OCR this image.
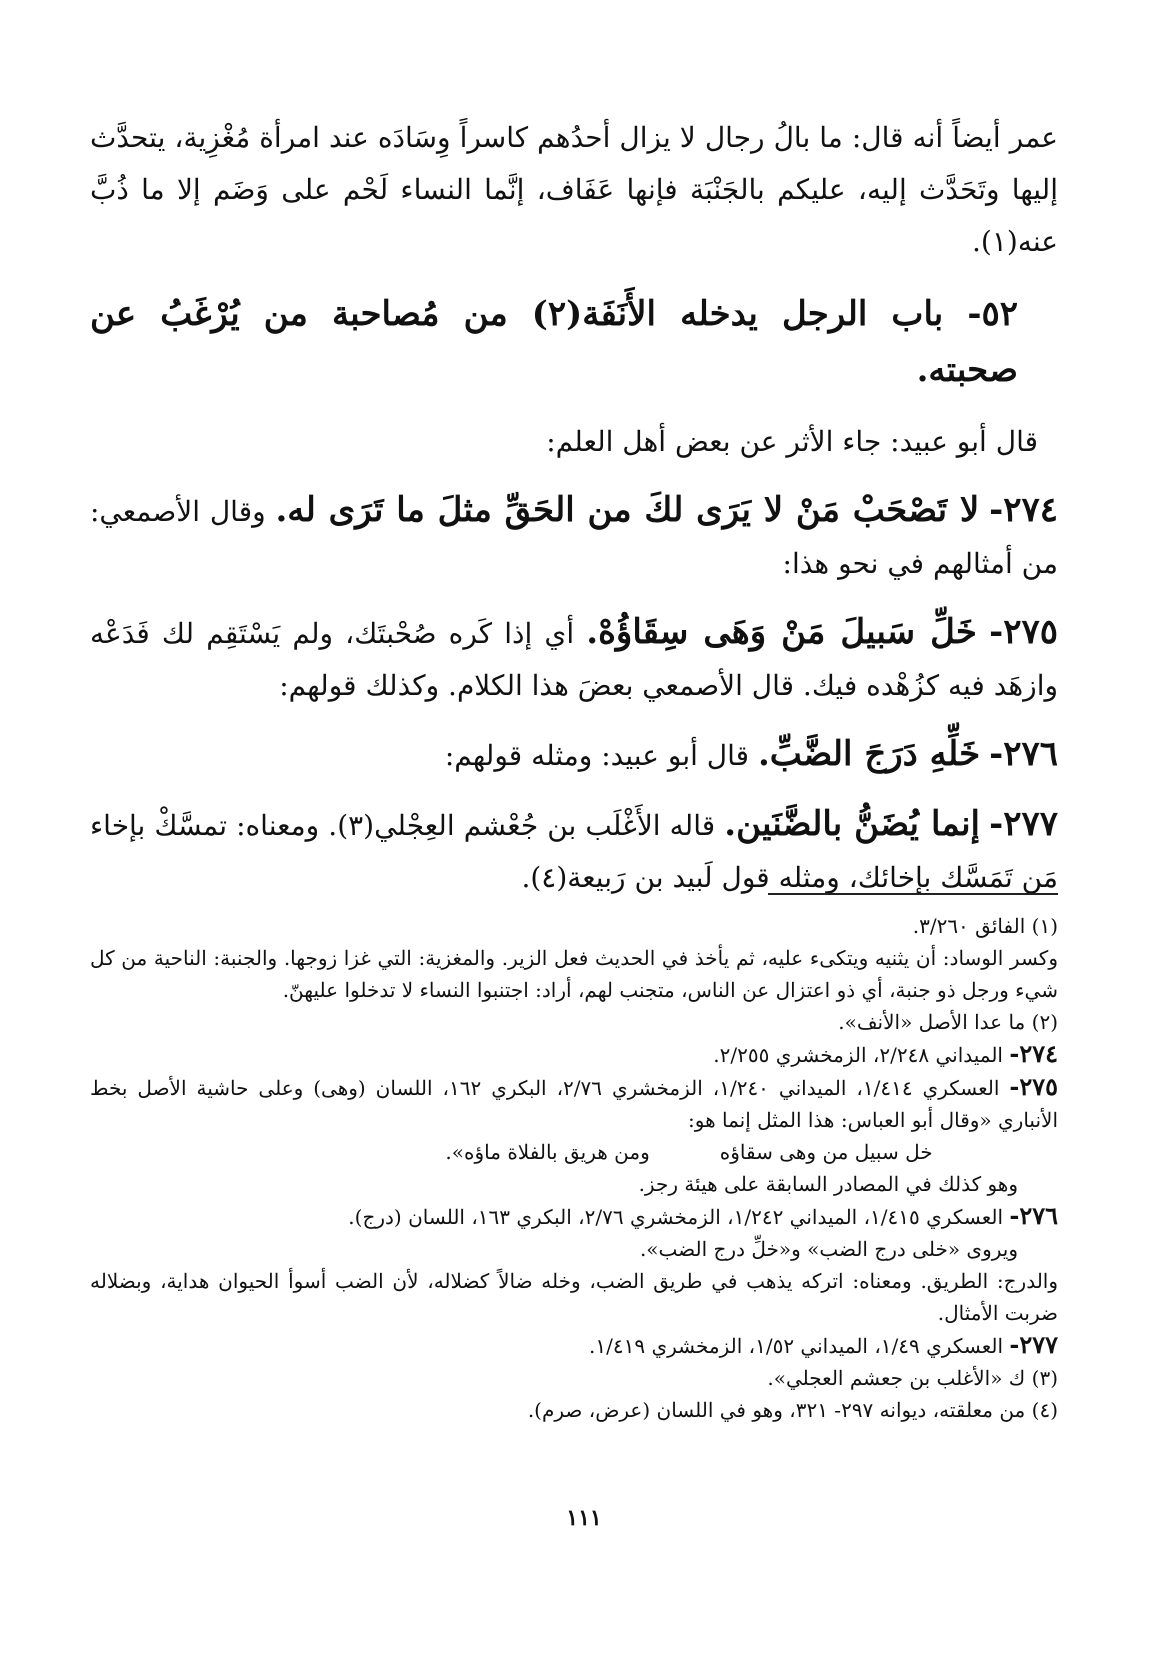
عمر أيضاً أنه قال: ما بالُ رجال لا يزال أحدُهم كاسراً وِسَادَه عند امرأة مُغْزِية، يتحدَّث إليها وتَحَدَّث إليه، عليكم بالجَنْبَة فإنها عَفَاف، إنَّما النساء لَحْم على وَضَم إلا ما ذُبَّ عنه(١).

٥٢- باب الرجل يدخله الأَنَفَة(٢) من مُصاحبة من يُرْغَبُ عن صحبته.

قال أبو عبيد: جاء الأثر عن بعض أهل العلم:

٢٧٤- لا تَصْحَبْ مَنْ لا يَرَى لكَ من الحَقِّ مثلَ ما تَرَى له. وقال الأصمعي: من أمثالهم في نحو هذا:

٢٧٥- خَلِّ سَبيلَ مَنْ وَهَى سِقَاؤُهْ. أي إذا كَره صُحْبتَك، ولم يَسْتَقِم لك فَدَعْه وازهَد فيه كزُهْده فيك. قال الأصمعي بعضَ هذا الكلام. وكذلك قولهم:

٢٧٦- خَلِّهِ دَرَجَ الضَّبِّ. قال أبو عبيد: ومثله قولهم:

٢٧٧- إنما يُضَنُّ بالضَّنَين. قاله الأَغْلَب بن جُعْشم العِجْلي(٣). ومعناه: تمسَّكْ بإخاء مَن تَمَسَّك بإخائك، ومثله قول لَبيد بن رَبيعة(٤).

(١) الفائق ٣/٢٦٠.

وكسر الوساد: أن يثنيه ويتكىء عليه، ثم يأخذ في الحديث فعل الزير. والمغزية: التي غزا زوجها. والجنبة: الناحية من كل شيء ورجل ذو جنبة، أي ذو اعتزال عن الناس، متجنب لهم، أراد: اجتنبوا النساء لا تدخلوا عليهنّ.

(٢) ما عدا الأصل «الأنف».

٢٧٤- الميداني ٢/٢٤٨، الزمخشري ٢/٢٥٥.

٢٧٥- العسكري ١/٤١٤، الميداني ١/٢٤٠، الزمخشري ٢/٧٦، البكري ١٦٢، اللسان (وهى) وعلى حاشية الأصل بخط الأنباري «وقال أبو العباس: هذا المثل إنما هو:

خل سبيل من وهى سقاؤه
ومن هريق بالفلاة ماؤه».

وهو كذلك في المصادر السابقة على هيئة رجز.

٢٧٦- العسكري ١/٤١٥، الميداني ١/٢٤٢، الزمخشري ٢/٧٦، البكري ١٦٣، اللسان (درج).

ويروى «خلى درج الضب» و«خلِّ درج الضب».

والدرج: الطريق. ومعناه: اتركه يذهب في طريق الضب، وخله ضالاً كضلاله، لأن الضب أسوأ الحيوان هداية، وبضلاله ضربت الأمثال.

٢٧٧- العسكري ١/٤٩، الميداني ١/٥٢، الزمخشري ١/٤١٩.

(٣) ك «الأغلب بن جعشم العجلي».

(٤) من معلقته، ديوانه ٢٩٧- ٣٢١، وهو في اللسان (عرض، صرم).

١١١
